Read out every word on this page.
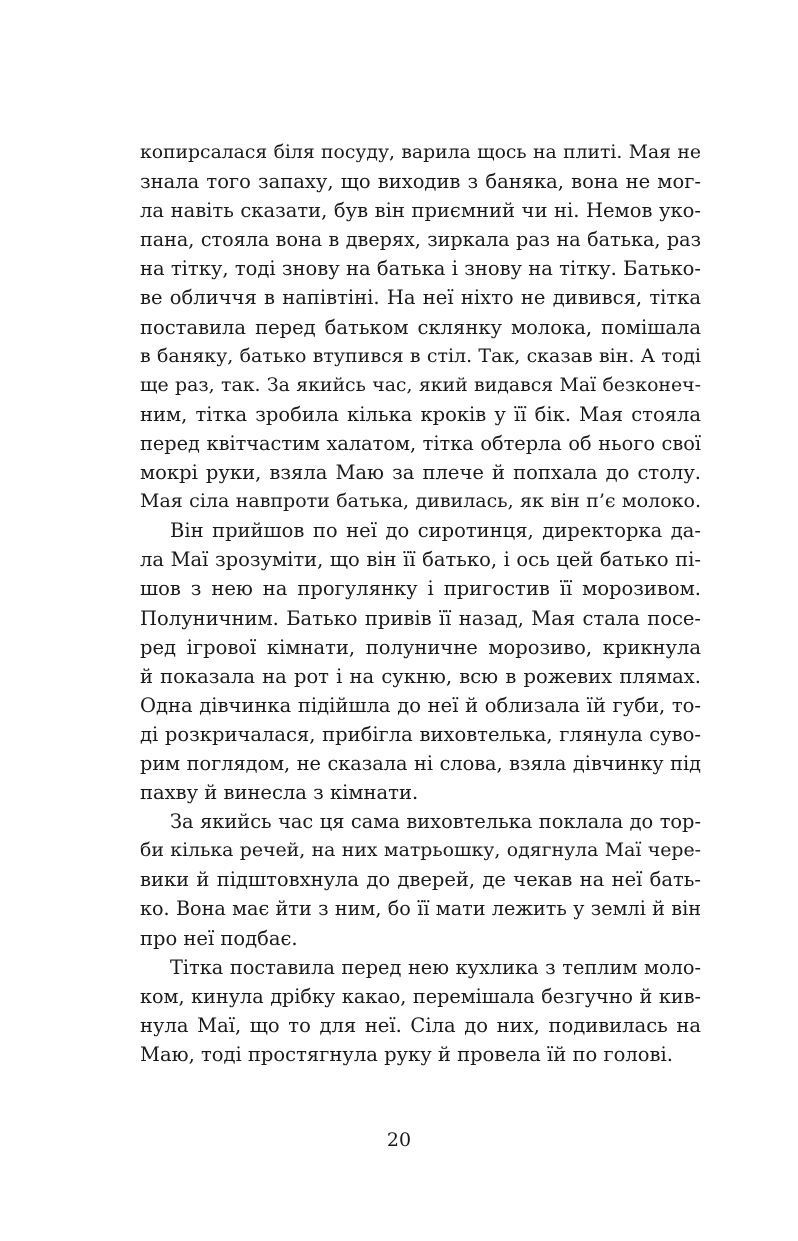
копирсалася біля посуду, варила щось на плиті. Мая не
знала того запаху, що виходив з баняка, вона не мог-
ла навіть сказати, був він приємний чи ні. Немов уко-
пана, стояла вона в дверях, зиркала раз на батька, раз
на тітку, тоді знову на батька і знову на тітку. Батько-
ве обличчя в напівтіні. На неї ніхто не дивився, тітка
поставила перед батьком склянку молока, помішала
в баняку, батько втупився в стіл. Так, сказав він. А тоді
ще раз, так. За якийсь час, який видався Маї безконеч-
ним, тітка зробила кілька кроків у її бік. Мая стояла
перед квітчастим халатом, тітка обтерла об нього свої
мокрі руки, взяла Маю за плече й попхала до столу.
Мая сіла навпроти батька, дивилась, як він п’є молоко.
Він прийшов по неї до сиротинця, директорка да-
ла Маї зрозуміти, що він її батько, і ось цей батько пі-
шов з нею на прогулянку і пригостив її морозивом.
Полуничним. Батько привів її назад, Мая стала посе-
ред ігрової кімнати, полуничне морозиво, крикнула
й показала на рот і на сукню, всю в рожевих плямах.
Одна дівчинка підійшла до неї й облизала їй губи, то-
ді розкричалася, прибігла виховтелька, глянула суво-
рим поглядом, не сказала ні слова, взяла дівчинку під
пахву й винесла з кімнати.
За якийсь час ця сама виховтелька поклала до тор-
би кілька речей, на них матрьошку, одягнула Маї чере-
вики й підштовхнула до дверей, де чекав на неї бать-
ко. Вона має йти з ним, бо її мати лежить у землі й він
про неї подбає.
Тітка поставила перед нею кухлика з теплим моло-
ком, кинула дрібку какао, перемішала безгучно й кив-
нула Маї, що то для неї. Сіла до них, подивилась на
Маю, тоді простягнула руку й провела їй по голові.
20
